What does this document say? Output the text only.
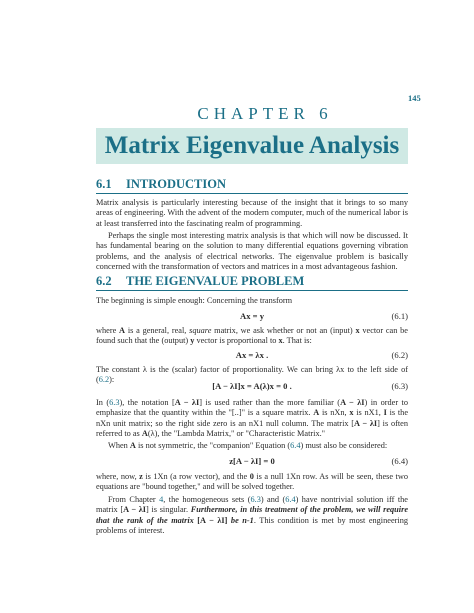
145
CHAPTER 6
Matrix Eigenvalue Analysis
6.1 INTRODUCTION

Matrix analysis is particularly interesting because of the insight that it brings to so many areas of engineering. With the advent of the modern computer, much of the numerical labor is at least transferred into the fascinating realm of programming.

Perhaps the single most interesting matrix analysis is that which will now be discussed. It has fundamental bearing on the solution to many differential equations governing vibration problems, and the analysis of electrical networks. The eigenvalue problem is basically concerned with the transformation of vectors and matrices in a most advantageous fashion.

6.2 THE EIGENVALUE PROBLEM

The beginning is simple enough: Concerning the transform

Ax = y	(6.1)

where A is a general, real, square matrix, we ask whether or not an (input) x vector can be found such that the (output) y vector is proportional to x. That is:

Ax = λx .	(6.2)

The constant λ is the (scalar) factor of proportionality. We can bring λx to the left side of (6.2):

[A − λI]x = A(λ)x = 0 .	(6.3)

In (6.3), the notation [A − λI] is used rather than the more familiar (A − λI) in order to emphasize that the quantity within the "[..]" is a square matrix. A is nXn, x is nX1, I is the nXn unit matrix; so the right side zero is an nX1 null column. The matrix [A − λI] is often referred to as A(λ), the "Lambda Matrix," or "Characteristic Matrix."

When A is not symmetric, the "companion" Equation (6.4) must also be considered:

z[A − λI] = 0	(6.4)

where, now, z is 1Xn (a row vector), and the 0 is a null 1Xn row. As will be seen, these two equations are "bound together," and will be solved together.

From Chapter 4, the homogeneous sets (6.3) and (6.4) have nontrivial solution iff the matrix [A − λI] is singular. Furthermore, in this treatment of the problem, we will require that the rank of the matrix [A − λI] be n-1. This condition is met by most engineering problems of interest.
